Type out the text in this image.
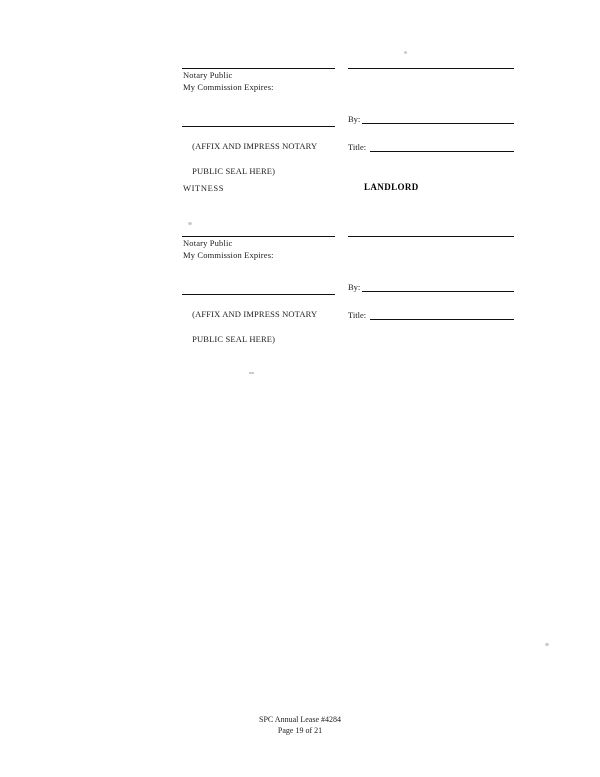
Notary Public
My Commission Expires:
By:

(AFFIX AND IMPRESS NOTARY

PUBLIC SEAL HERE)

Title:
WITNESS	LANDLORD
Notary Public
My Commission Expires:
By:

(AFFIX AND IMPRESS NOTARY

PUBLIC SEAL HERE)

Title:
SPC Annual Lease #4284
Page 19 of 21
